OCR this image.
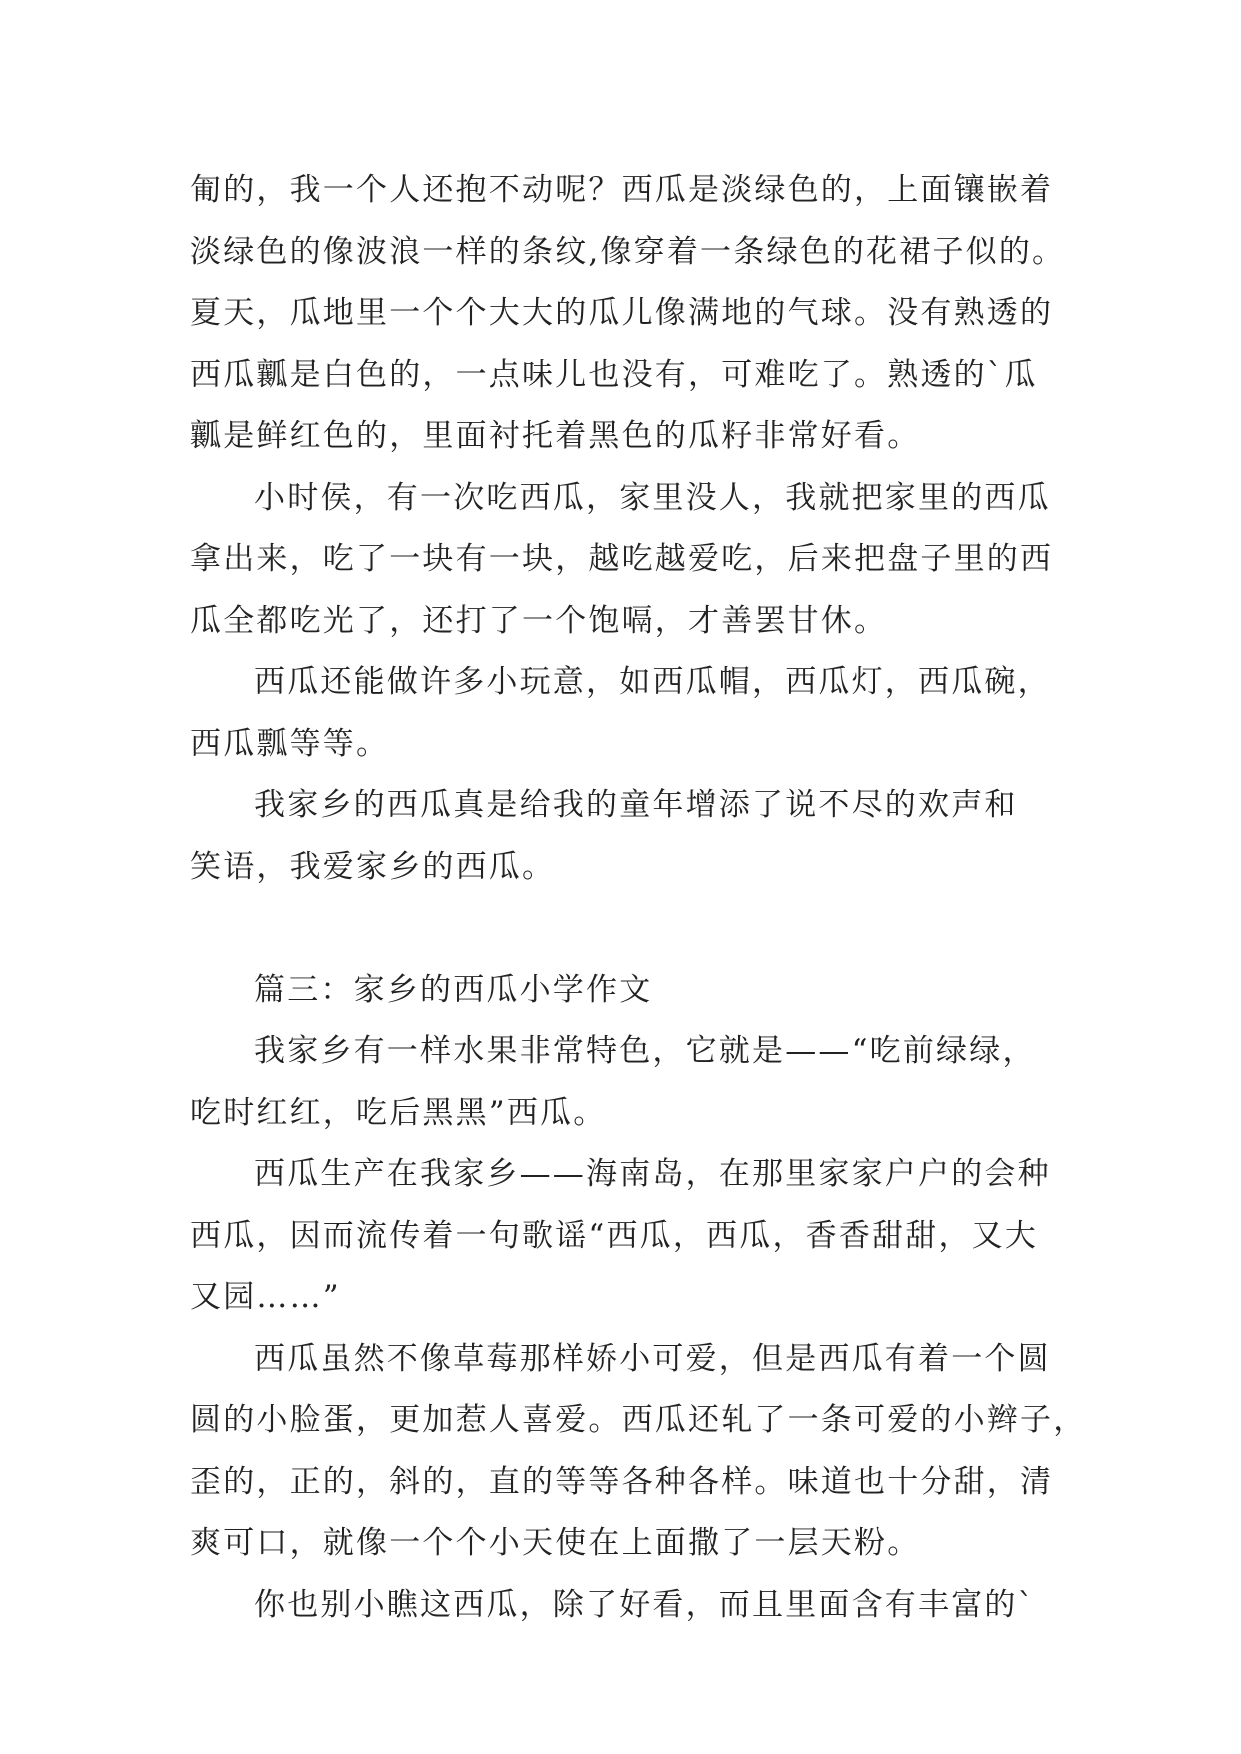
匍的，我一个人还抱不动呢？西瓜是淡绿色的，上面镶嵌着
淡绿色的像波浪一样的条纹,像穿着一条绿色的花裙子似的。
夏天，瓜地里一个个大大的瓜儿像满地的气球。没有熟透的
西瓜瓤是白色的，一点味儿也没有，可难吃了。熟透的`瓜
瓤是鲜红色的，里面衬托着黑色的瓜籽非常好看。
小时侯，有一次吃西瓜，家里没人，我就把家里的西瓜
拿出来，吃了一块有一块，越吃越爱吃，后来把盘子里的西
瓜全都吃光了，还打了一个饱嗝，才善罢甘休。
西瓜还能做许多小玩意，如西瓜帽，西瓜灯，西瓜碗，
西瓜瓢等等。
我家乡的西瓜真是给我的童年增添了说不尽的欢声和
笑语，我爱家乡的西瓜。
篇三：家乡的西瓜小学作文
我家乡有一样水果非常特色，它就是——“吃前绿绿，
吃时红红，吃后黑黑”西瓜。
西瓜生产在我家乡——海南岛，在那里家家户户的会种
西瓜，因而流传着一句歌谣“西瓜，西瓜，香香甜甜，又大
又园……”
西瓜虽然不像草莓那样娇小可爱，但是西瓜有着一个圆
圆的小脸蛋，更加惹人喜爱。西瓜还轧了一条可爱的小辫子，
歪的，正的，斜的，直的等等各种各样。味道也十分甜，清
爽可口，就像一个个小天使在上面撒了一层天粉。
你也别小瞧这西瓜，除了好看，而且里面含有丰富的`
